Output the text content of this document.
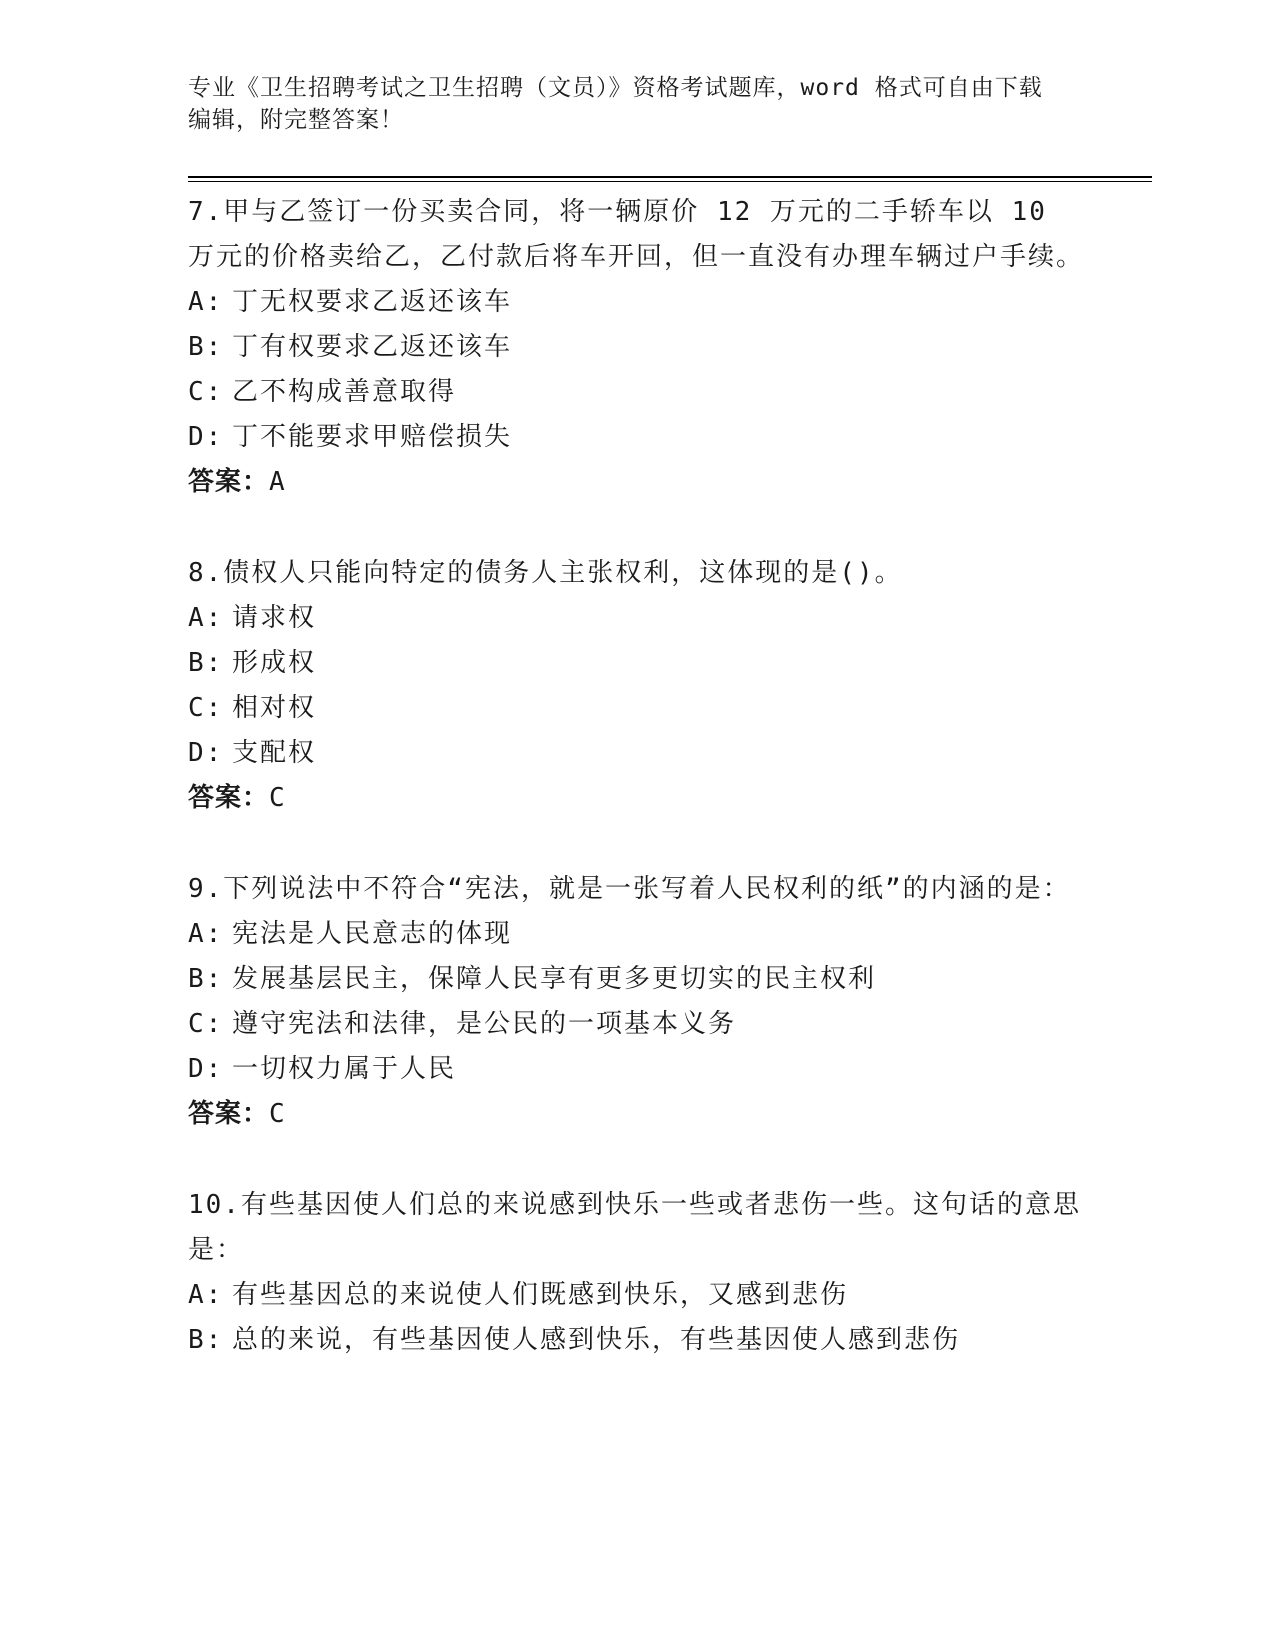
专业《卫生招聘考试之卫生招聘（文员）》资格考试题库，word 格式可自由下载
编辑，附完整答案！

7.甲与乙签订一份买卖合同，将一辆原价 12 万元的二手轿车以 10 万元的价格卖给乙，乙付款后将车开回，但一直没有办理车辆过户手续。

A: 丁无权要求乙返还该车

B: 丁有权要求乙返还该车

C: 乙不构成善意取得

D: 丁不能要求甲赔偿损失

答案：A

8.债权人只能向特定的债务人主张权利，这体现的是()。

A: 请求权

B: 形成权

C: 相对权

D: 支配权

答案：C

9.下列说法中不符合“宪法，就是一张写着人民权利的纸”的内涵的是：

A: 宪法是人民意志的体现

B: 发展基层民主，保障人民享有更多更切实的民主权利

C: 遵守宪法和法律，是公民的一项基本义务

D: 一切权力属于人民

答案：C

10.有些基因使人们总的来说感到快乐一些或者悲伤一些。这句话的意思是：

A: 有些基因总的来说使人们既感到快乐，又感到悲伤

B: 总的来说，有些基因使人感到快乐，有些基因使人感到悲伤
